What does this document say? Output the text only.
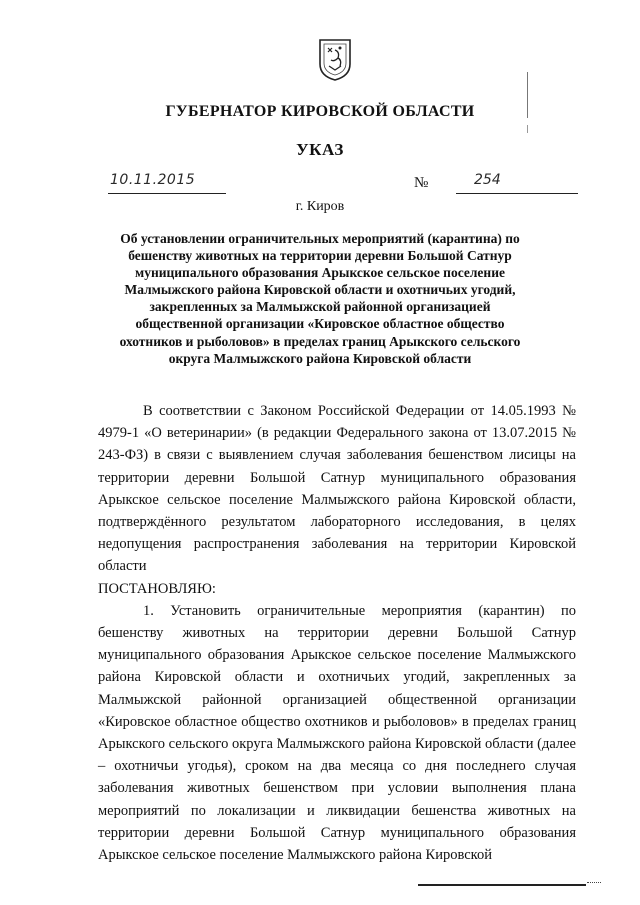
ГУБЕРНАТОР КИРОВСКОЙ ОБЛАСТИ
УКАЗ
10.11.2015	№	254
г. Киров
Об установлении ограничительных мероприятий (карантина) по бешенству животных на территории деревни Большой Сатнур муниципального образования Арыкское сельское поселение Малмыжского района Кировской области и охотничьих угодий, закрепленных за Малмыжской районной организацией общественной организации «Кировское областное общество охотников и рыболовов» в пределах границ Арыкского сельского округа Малмыжского района Кировской области

В соответствии с Законом Российской Федерации от 14.05.1993 № 4979-1 «О ветеринарии» (в редакции Федерального закона от 13.07.2015 № 243-ФЗ) в связи с выявлением случая заболевания бешенством лисицы на территории деревни Большой Сатнур муниципального образования Арыкское сельское поселение Малмыжского района Кировской области, подтверждённого результатом лабораторного исследования, в целях недопущения распространения заболевания на территории Кировской области

ПОСТАНОВЛЯЮ:

1. Установить ограничительные мероприятия (карантин) по бешенству животных на территории деревни Большой Сатнур муниципального образования Арыкское сельское поселение Малмыжского района Кировской области и охотничьих угодий, закрепленных за Малмыжской районной организацией общественной организации «Кировское областное общество охотников и рыболовов» в пределах границ Арыкского сельского округа Малмыжского района Кировской области (далее – охотничьи угодья), сроком на два месяца со дня последнего случая заболевания животных бешенством при условии выполнения плана мероприятий по локализации и ликвидации бешенства животных на территории деревни Большой Сатнур муниципального образования Арыкское сельское поселение Малмыжского района Кировской
